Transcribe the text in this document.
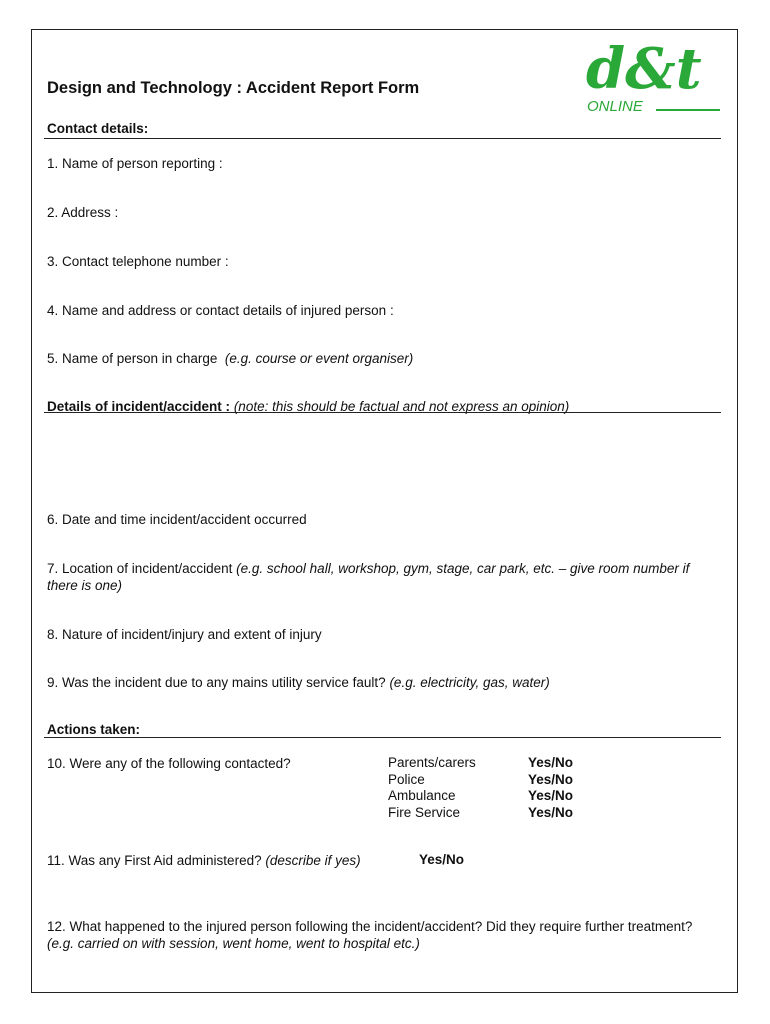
d&t
ONLINE
Design and Technology : Accident Report Form
Contact details:
1. Name of person reporting :
2. Address :
3. Contact telephone number :
4. Name and address or contact details of injured person :
5. Name of person in charge (e.g. course or event organiser)
Details of incident/accident : (note: this should be factual and not express an opinion)
6. Date and time incident/accident occurred
7. Location of incident/accident (e.g. school hall, workshop, gym, stage, car park, etc. – give room number if there is one)
8. Nature of incident/injury and extent of injury
9. Was the incident due to any mains utility service fault? (e.g. electricity, gas, water)
Actions taken:
10. Were any of the following contacted?	Parents/carers
Police
Ambulance
Fire Service
Yes/No
Yes/No
Yes/No
Yes/No
11. Was any First Aid administered? (describe if yes)	Yes/No
12. What happened to the injured person following the incident/accident? Did they require further treatment? (e.g. carried on with session, went home, went to hospital etc.)
